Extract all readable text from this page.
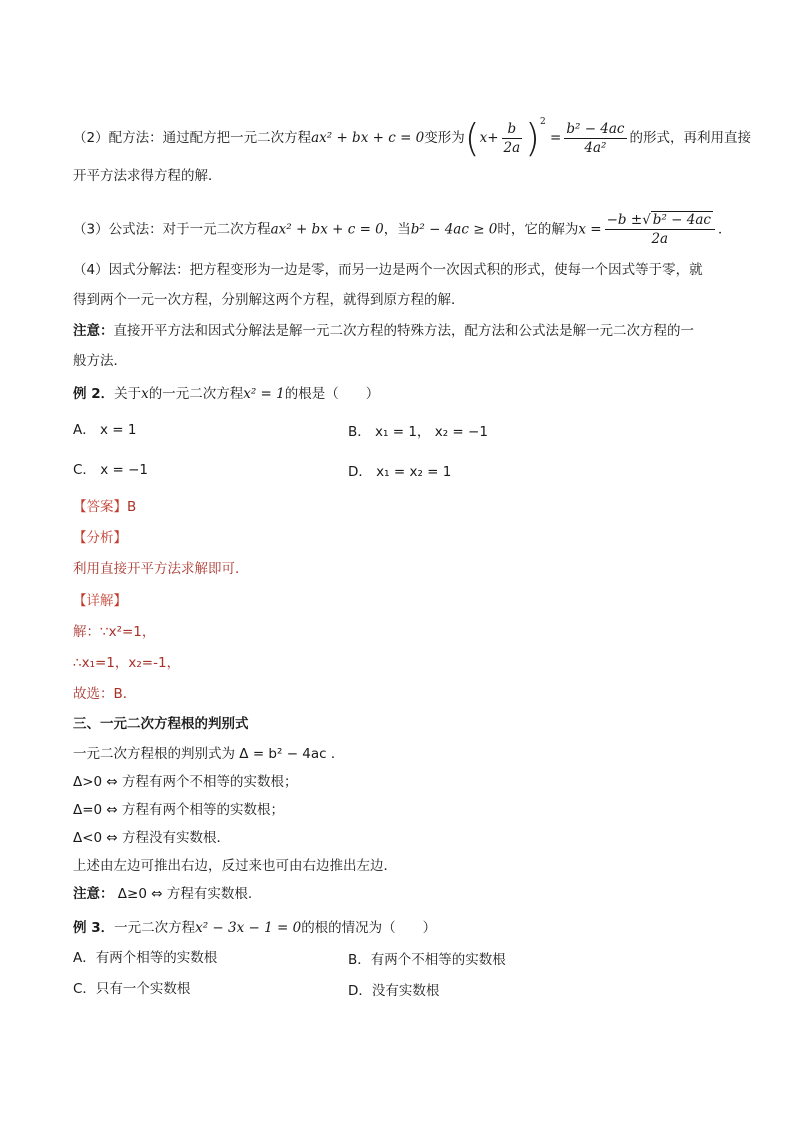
（2）配方法：通过配方把一元二次方程ax² + bx + c = 0变形为$(x+ \frac{b}{2a} )^2 = \frac{\text{b² − 4ac}}{\text{4a²}}$ 的形式，再利用直接
开平方法求得方程的解．
（3）公式法：对于一元二次方程ax² + bx + c = 0，当b² − 4ac ≥ 0时，它的解为$x = \frac{\text{−b ±√ b² − 4ac}}{2a}$ ．
（4）因式分解法：把方程变形为一边是零，而另一边是两个一次因式积的形式，使每一个因式等于零，就
得到两个一元一次方程，分别解这两个方程，就得到原方程的解．
注意：直接开平方法和因式分解法是解一元二次方程的特殊方法，配方法和公式法是解一元二次方程的一
般方法．
例 2．关于x的一元二次方程x² = 1的根是（　　）
A． x = 1	B． x₁ = 1， x₂ = −1
C． x = −1	D． x₁ = x₂ = 1
【答案】B
【分析】
利用直接开平方法求解即可．
【详解】
解：∵x²=1，
∴x₁=1，x₂=-1，
故选：B．
三、一元二次方程根的判别式
一元二次方程根的判别式为 Δ = b² − 4ac ．
Δ>0 ⇔ 方程有两个不相等的实数根；
Δ=0 ⇔ 方程有两个相等的实数根；
Δ<0 ⇔ 方程没有实数根．
上述由左边可推出右边，反过来也可由右边推出左边．
注意： Δ≥0 ⇔ 方程有实数根.
例 3．一元二次方程x² − 3x − 1 = 0的根的情况为（　　）
A．有两个相等的实数根	B．有两个不相等的实数根
C．只有一个实数根	D．没有实数根
